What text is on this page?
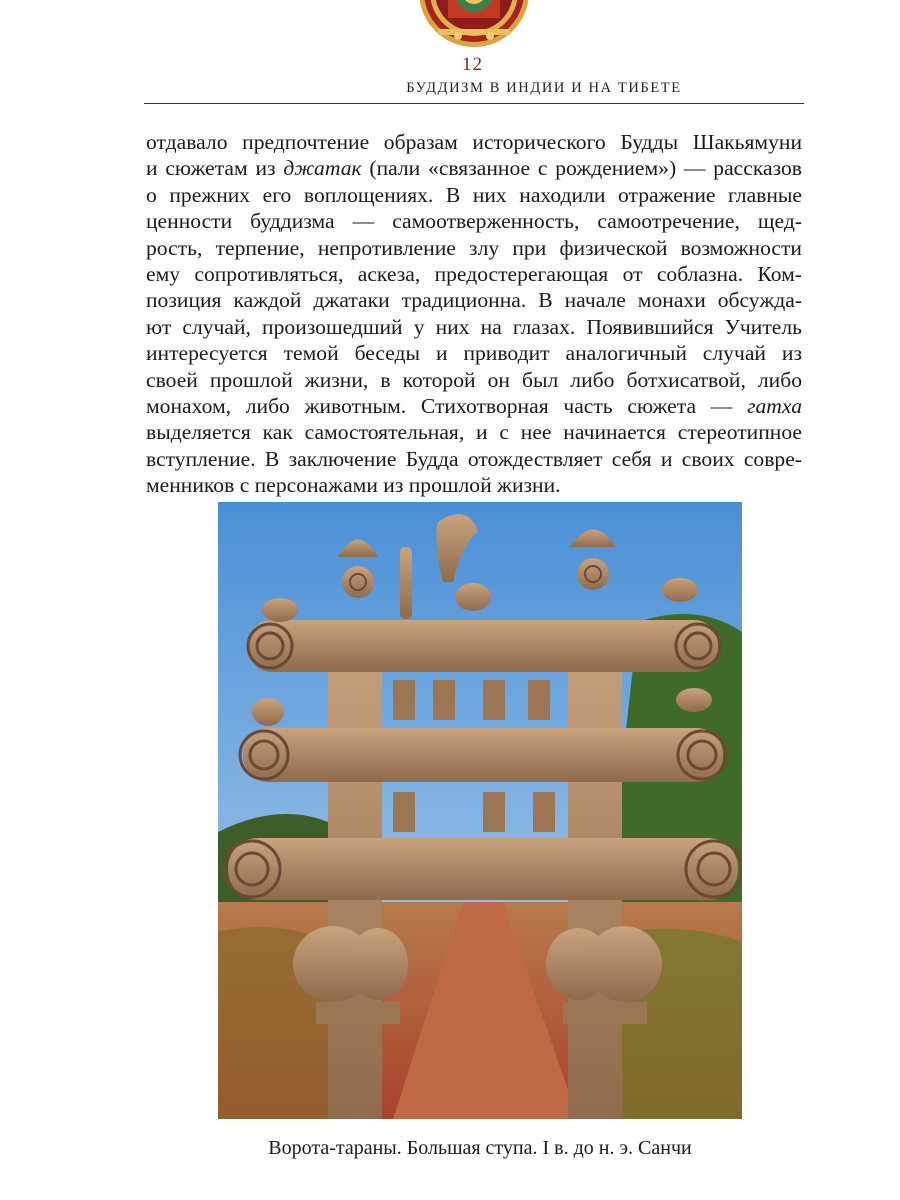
12
БУДДИЗМ В ИНДИИ И НА ТИБЕТЕ
отдавало предпочтение образам исторического Будды Шакьямуни
и сюжетам из джатак (пали «связанное с рождением») — рассказов
о прежних его воплощениях. В них находили отражение главные
ценности буддизма — самоотверженность, самоотречение, щед-
рость, терпение, непротивление злу при физической возможности
ему сопротивляться, аскеза, предостерегающая от соблазна. Ком-
позиция каждой джатаки традиционна. В начале монахи обсужда-
ют случай, произошедший у них на глазах. Появившийся Учитель
интересуется темой беседы и приводит аналогичный случай из
своей прошлой жизни, в которой он был либо ботхисатвой, либо
монахом, либо животным. Стихотворная часть сюжета — гатха
выделяется как самостоятельная, и с нее начинается стереотипное
вступление. В заключение Будда отождествляет себя и своих совре-
менников с персонажами из прошлой жизни.
Ворота-тараны. Большая ступа. I в. до н. э. Санчи
